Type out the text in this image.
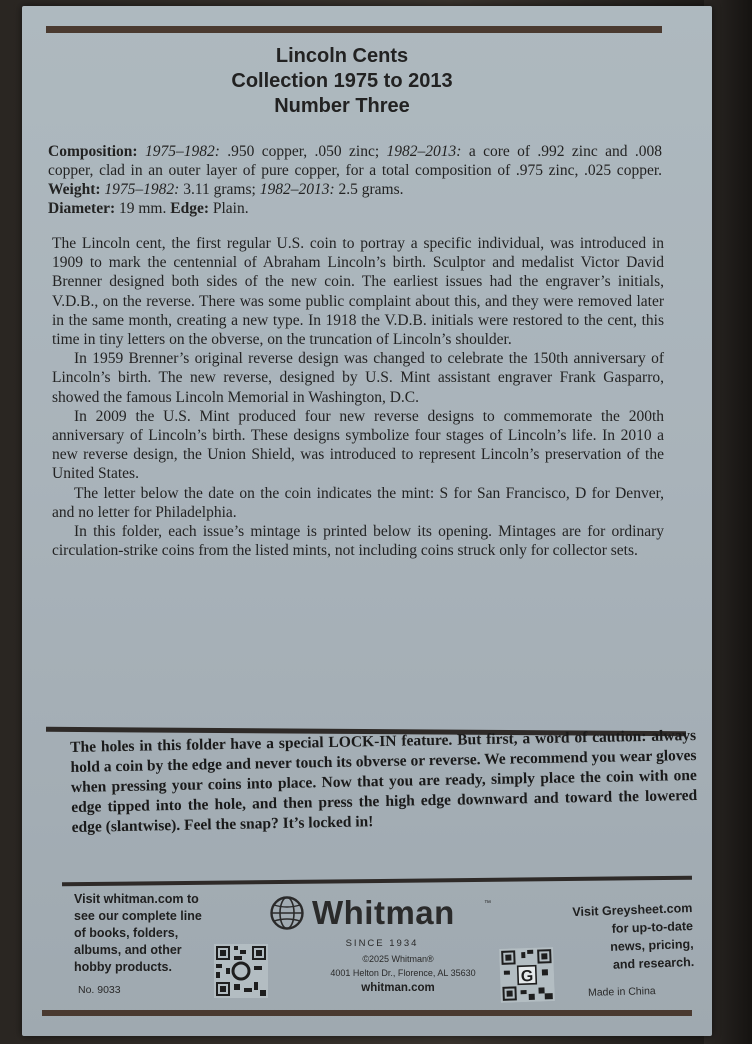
Lincoln Cents
Collection 1975 to 2013
Number Three
Composition: 1975–1982: .950 copper, .050 zinc; 1982–2013: a core of .992 zinc and .008 copper, clad in an outer layer of pure copper, for a total composition of .975 zinc, .025 copper. Weight: 1975–1982: 3.11 grams; 1982–2013: 2.5 grams.
Diameter: 19 mm. Edge: Plain.

The Lincoln cent, the first regular U.S. coin to portray a specific individual, was introduced in 1909 to mark the centennial of Abraham Lincoln’s birth. Sculptor and medalist Victor David Brenner designed both sides of the new coin. The earliest issues had the engraver’s initials, V.D.B., on the reverse. There was some public complaint about this, and they were removed later in the same month, creating a new type. In 1918 the V.D.B. initials were restored to the cent, this time in tiny letters on the obverse, on the truncation of Lincoln’s shoulder.

In 1959 Brenner’s original reverse design was changed to celebrate the 150th anniversary of Lincoln’s birth. The new reverse, designed by U.S. Mint assistant engraver Frank Gasparro, showed the famous Lincoln Memorial in Washington, D.C.

In 2009 the U.S. Mint produced four new reverse designs to commemorate the 200th anniversary of Lincoln’s birth. These designs symbolize four stages of Lincoln’s life. In 2010 a new reverse design, the Union Shield, was introduced to represent Lincoln’s preservation of the United States.

The letter below the date on the coin indicates the mint: S for San Francisco, D for Denver, and no letter for Philadelphia.

In this folder, each issue’s mintage is printed below its opening. Mintages are for ordinary circulation-strike coins from the listed mints, not including coins struck only for collector sets.

The holes in this folder have a special LOCK-IN feature. But first, a word of caution: always hold a coin by the edge and never touch its obverse or reverse. We recommend you wear gloves when pressing your coins into place. Now that you are ready, simply place the coin with one edge tipped into the hole, and then press the high edge downward and toward the lowered edge (slantwise). Feel the snap? It’s locked in!
Visit whitman.com to
see our complete line
of books, folders,
albums, and other
hobby products.
No. 9033
Whitman	™
SINCE 1934
©2025 Whitman®
4001 Helton Dr., Florence, AL 35630
whitman.com
G
Visit Greysheet.com
for up-to-date
news, pricing,
and research.
Made in China
